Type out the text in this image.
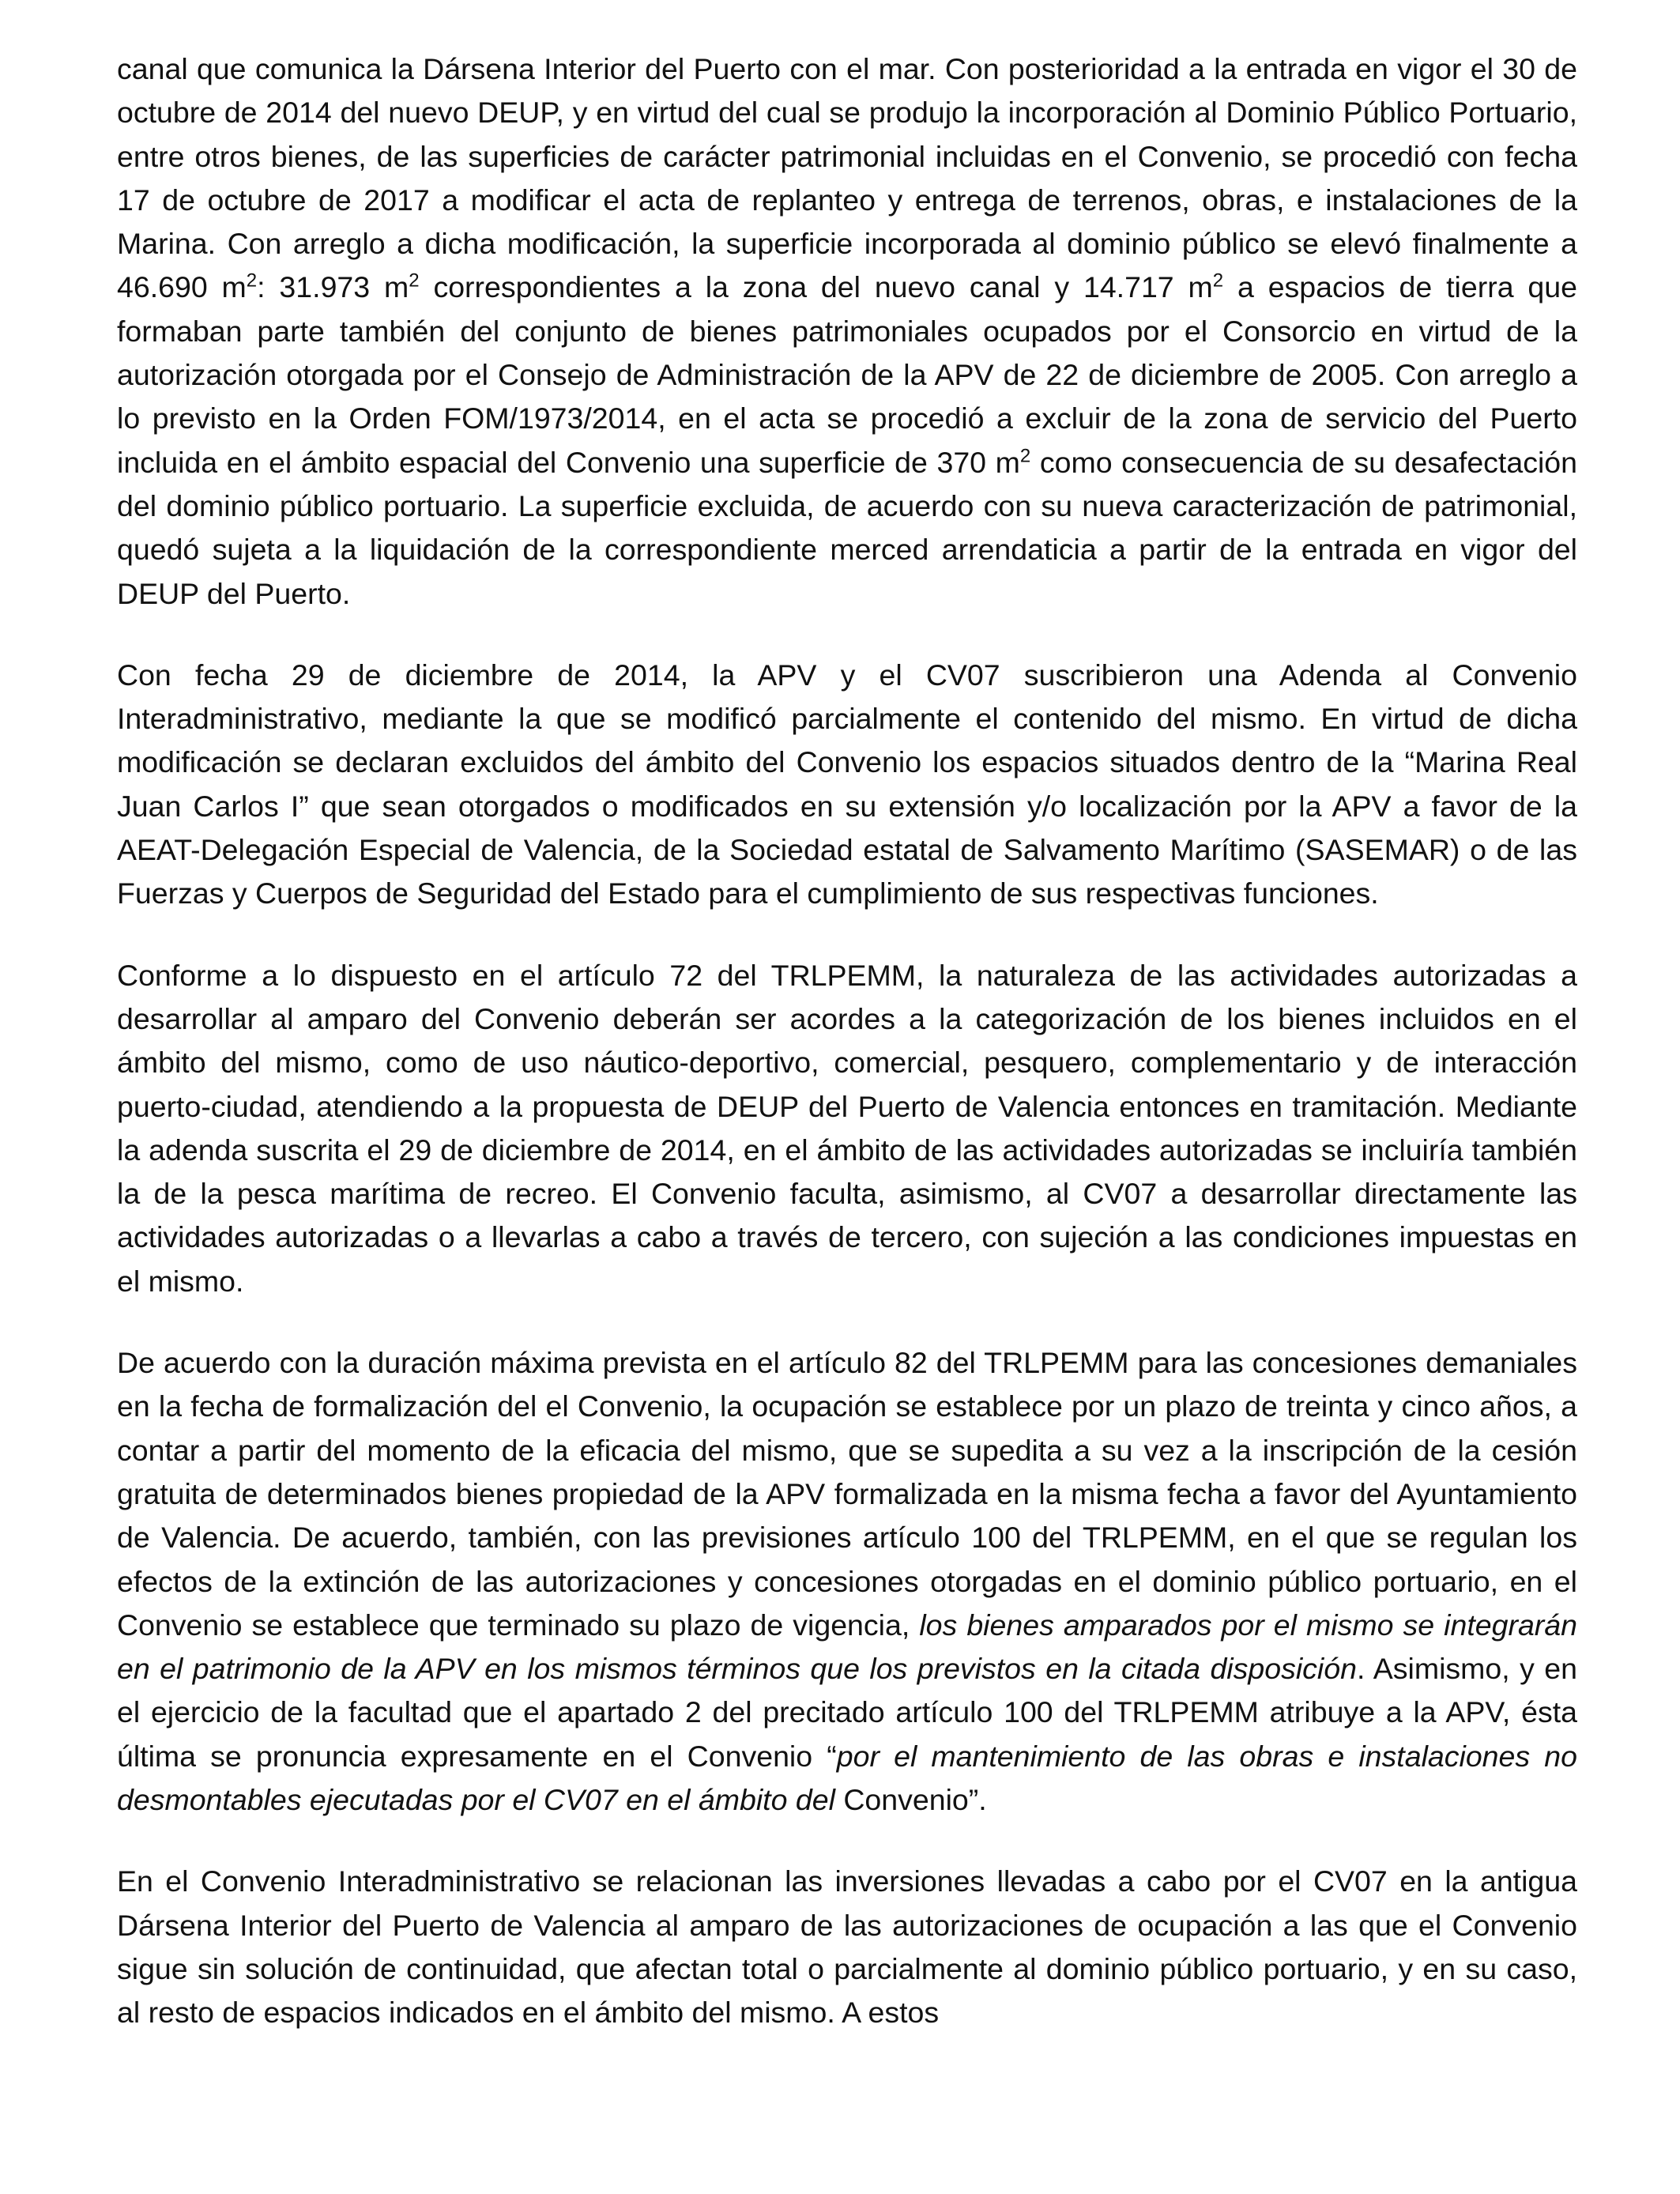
canal que comunica la Dársena Interior del Puerto con el mar. Con posterioridad a la entrada en vigor el 30 de octubre de 2014 del nuevo DEUP, y en virtud del cual se produjo la incorporación al Dominio Público Portuario, entre otros bienes, de las superficies de carácter patrimonial incluidas en el Convenio, se procedió con fecha 17 de octubre de 2017 a modificar el acta de replanteo y entrega de terrenos, obras, e instalaciones de la Marina. Con arreglo a dicha modificación, la superficie incorporada al dominio público se elevó finalmente a 46.690 $m^2$: 31.973 $m^2$ correspondientes a la zona del nuevo canal y 14.717 $m^2$ a espacios de tierra que formaban parte también del conjunto de bienes patrimoniales ocupados por el Consorcio en virtud de la autorización otorgada por el Consejo de Administración de la APV de 22 de diciembre de 2005. Con arreglo a lo previsto en la Orden FOM/1973/2014, en el acta se procedió a excluir de la zona de servicio del Puerto incluida en el ámbito espacial del Convenio una superficie de 370 $m^2$ como consecuencia de su desafectación del dominio público portuario. La superficie excluida, de acuerdo con su nueva caracterización de patrimonial, quedó sujeta a la liquidación de la correspondiente merced arrendaticia a partir de la entrada en vigor del DEUP del Puerto.

Con fecha 29 de diciembre de 2014, la APV y el CV07 suscribieron una Adenda al Convenio Interadministrativo, mediante la que se modificó parcialmente el contenido del mismo. En virtud de dicha modificación se declaran excluidos del ámbito del Convenio los espacios situados dentro de la “Marina Real Juan Carlos I” que sean otorgados o modificados en su extensión y/o localización por la APV a favor de la AEAT-Delegación Especial de Valencia, de la Sociedad estatal de Salvamento Marítimo (SASEMAR) o de las Fuerzas y Cuerpos de Seguridad del Estado para el cumplimiento de sus respectivas funciones.

Conforme a lo dispuesto en el artículo 72 del TRLPEMM, la naturaleza de las actividades autorizadas a desarrollar al amparo del Convenio deberán ser acordes a la categorización de los bienes incluidos en el ámbito del mismo, como de uso náutico-deportivo, comercial, pesquero, complementario y de interacción puerto-ciudad, atendiendo a la propuesta de DEUP del Puerto de Valencia entonces en tramitación. Mediante la adenda suscrita el 29 de diciembre de 2014, en el ámbito de las actividades autorizadas se incluiría también la de la pesca marítima de recreo. El Convenio faculta, asimismo, al CV07 a desarrollar directamente las actividades autorizadas o a llevarlas a cabo a través de tercero, con sujeción a las condiciones impuestas en el mismo.

De acuerdo con la duración máxima prevista en el artículo 82 del TRLPEMM para las concesiones demaniales en la fecha de formalización del el Convenio, la ocupación se establece por un plazo de treinta y cinco años, a contar a partir del momento de la eficacia del mismo, que se supedita a su vez a la inscripción de la cesión gratuita de determinados bienes propiedad de la APV formalizada en la misma fecha a favor del Ayuntamiento de Valencia. De acuerdo, también, con las previsiones artículo 100 del TRLPEMM, en el que se regulan los efectos de la extinción de las autorizaciones y concesiones otorgadas en el dominio público portuario, en el Convenio se establece que terminado su plazo de vigencia, los bienes amparados por el mismo se integrarán en el patrimonio de la APV en los mismos términos que los previstos en la citada disposición. Asimismo, y en el ejercicio de la facultad que el apartado 2 del precitado artículo 100 del TRLPEMM atribuye a la APV, ésta última se pronuncia expresamente en el Convenio “por el mantenimiento de las obras e instalaciones no desmontables ejecutadas por el CV07 en el ámbito del Convenio”.

En el Convenio Interadministrativo se relacionan las inversiones llevadas a cabo por el CV07 en la antigua Dársena Interior del Puerto de Valencia al amparo de las autorizaciones de ocupación a las que el Convenio sigue sin solución de continuidad, que afectan total o parcialmente al dominio público portuario, y en su caso, al resto de espacios indicados en el ámbito del mismo. A estos
